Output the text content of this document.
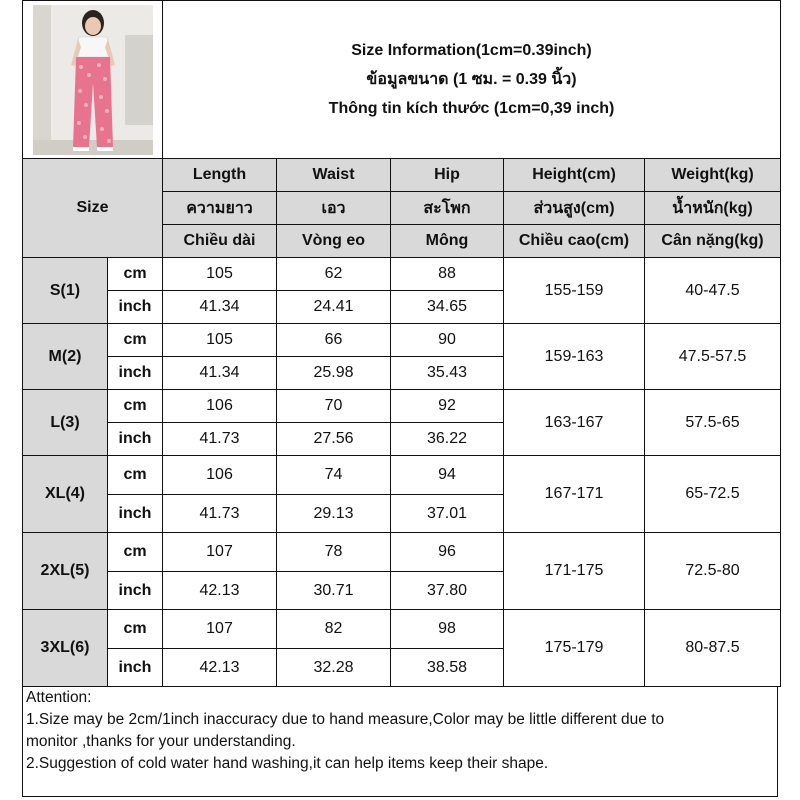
Size Information(1cm=0.39inch)
ข้อมูลขนาด (1 ซม. = 0.39 นิ้ว)
Thông tin kích thước (1cm=0,39 inch)				

Size		Length	Waist	Hip	Height(cm)	Weight(kg)
		ความยาว	เอว	สะโพก	ส่วนสูง(cm)	น้ำหนัก(kg)
		Chiều dài	Vòng eo	Mông	Chiều cao(cm)	Cân nặng(kg)
S(1)	cm	105	62	88	155-159	40-47.5
	inch	41.34	24.41	34.65		
M(2)	cm	105	66	90	159-163	47.5-57.5
	inch	41.34	25.98	35.43		
L(3)	cm	106	70	92	163-167	57.5-65
	inch	41.73	27.56	36.22		
XL(4)	cm	106	74	94	167-171	65-72.5
	inch	41.73	29.13	37.01		
2XL(5)	cm	107	78	96	171-175	72.5-80
	inch	42.13	30.71	37.80		
3XL(6)	cm	107	82	98	175-179	80-87.5
	inch	42.13	32.28	38.58		
Attention:
1.Size may be 2cm/1inch inaccuracy due to hand measure,Color may be little different due to
monitor ,thanks for your understanding.
2.Suggestion of cold water hand washing,it can help items keep their shape.
